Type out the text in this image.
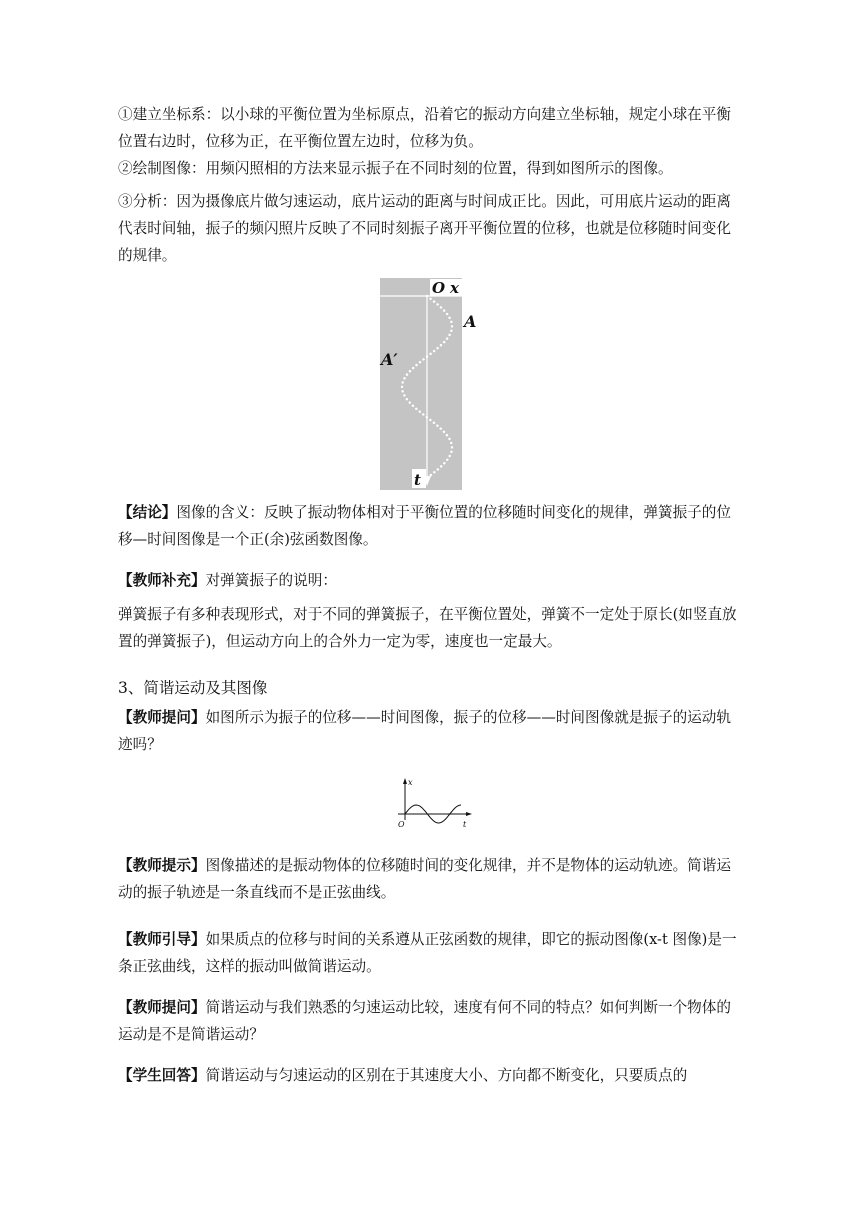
①建立坐标系：以小球的平衡位置为坐标原点，沿着它的振动方向建立坐标轴，规定小球在平衡位置右边时，位移为正，在平衡位置左边时，位移为负。

②绘制图像：用频闪照相的方法来显示振子在不同时刻的位置，得到如图所示的图像。

③分析：因为摄像底片做匀速运动，底片运动的距离与时间成正比。因此，可用底片运动的距离代表时间轴，振子的频闪照片反映了不同时刻振子离开平衡位置的位移，也就是位移随时间变化的规律。

O x
t
A
A′

【结论】图像的含义：反映了振动物体相对于平衡位置的位移随时间变化的规律，弹簧振子的位移—时间图像是一个正(余)弦函数图像。

【教师补充】对弹簧振子的说明：

弹簧振子有多种表现形式，对于不同的弹簧振子，在平衡位置处，弹簧不一定处于原长(如竖直放置的弹簧振子)，但运动方向上的合外力一定为零，速度也一定最大。

3、简谐运动及其图像

【教师提问】如图所示为振子的位移——时间图像，振子的位移——时间图像就是振子的运动轨迹吗？

x
O	t

【教师提示】图像描述的是振动物体的位移随时间的变化规律，并不是物体的运动轨迹。简谐运动的振子轨迹是一条直线而不是正弦曲线。

【教师引导】如果质点的位移与时间的关系遵从正弦函数的规律，即它的振动图像(x-t 图像)是一条正弦曲线，这样的振动叫做简谐运动。

【教师提问】简谐运动与我们熟悉的匀速运动比较，速度有何不同的特点？如何判断一个物体的运动是不是简谐运动？

【学生回答】简谐运动与匀速运动的区别在于其速度大小、方向都不断变化，只要质点的
